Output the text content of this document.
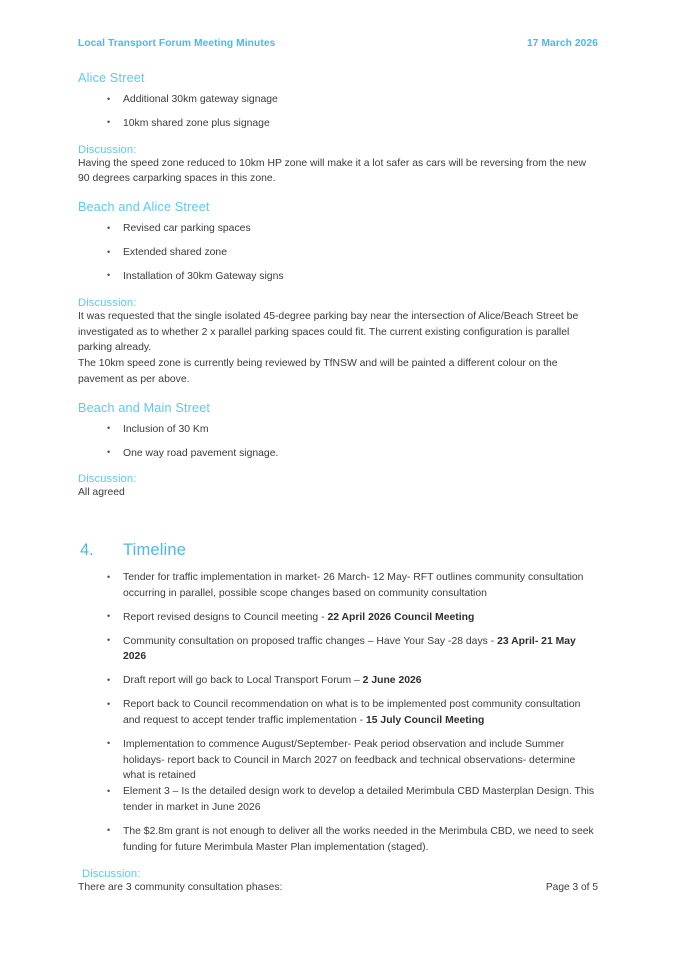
Local Transport Forum Meeting Minutes	17 March 2026
Alice Street
• Additional 30km gateway signage
• 10km shared zone plus signage
Discussion:

Having the speed zone reduced to 10km HP zone will make it a lot safer as cars will be reversing from the new 90 degrees carparking spaces in this zone.

Beach and Alice Street
• Revised car parking spaces
• Extended shared zone
• Installation of 30km Gateway signs
Discussion:

It was requested that the single isolated 45-degree parking bay near the intersection of Alice/Beach Street be investigated as to whether 2 x parallel parking spaces could fit. The current existing configuration is parallel parking already.

The 10km speed zone is currently being reviewed by TfNSW and will be painted a different colour on the pavement as per above.

Beach and Main Street
• Inclusion of 30 Km
• One way road pavement signage.
Discussion:

All agreed

4. Timeline
• Tender for traffic implementation in market- 26 March- 12 May- RFT outlines community consultation occurring in parallel, possible scope changes based on community consultation
• Report revised designs to Council meeting - 22 April 2026 Council Meeting
• Community consultation on proposed traffic changes – Have Your Say -28 days - 23 April- 21 May 2026
• Draft report will go back to Local Transport Forum – 2 June 2026
• Report back to Council recommendation on what is to be implemented post community consultation and request to accept tender traffic implementation - 15 July Council Meeting
• Implementation to commence August/September- Peak period observation and include Summer holidays- report back to Council in March 2027 on feedback and technical observations- determine what is retained
• Element 3 – Is the detailed design work to develop a detailed Merimbula CBD Masterplan Design. This tender in market in June 2026
• The $2.8m grant is not enough to deliver all the works needed in the Merimbula CBD, we need to seek funding for future Merimbula Master Plan implementation (staged).
Discussion:

There are 3 community consultation phases:	Page 3 of 5
